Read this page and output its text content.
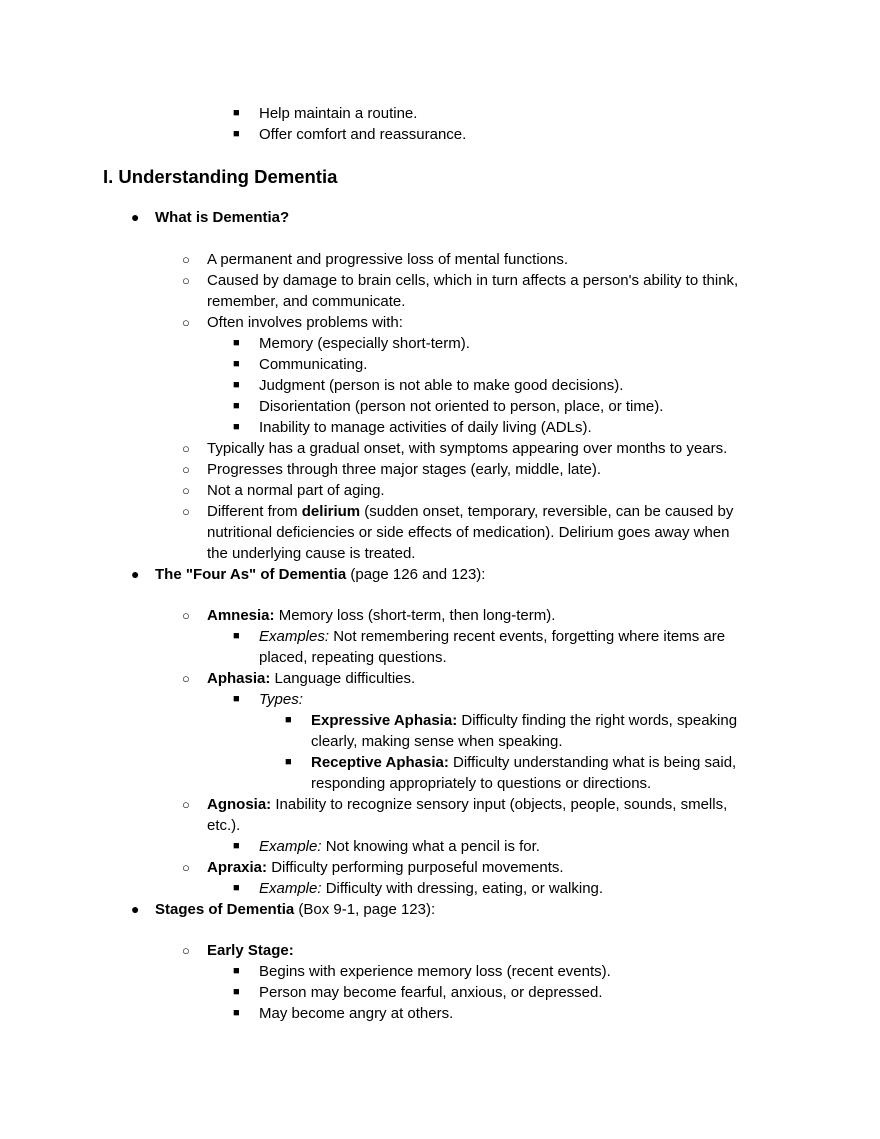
■ Help maintain a routine.
■ Offer comfort and reassurance.
I. Understanding Dementia
● What is Dementia?
○ A permanent and progressive loss of mental functions.
○ Caused by damage to brain cells, which in turn affects a person's ability to think,
remember, and communicate.
○ Often involves problems with:
■ Memory (especially short-term).
■ Communicating.
■ Judgment (person is not able to make good decisions).
■ Disorientation (person not oriented to person, place, or time).
■ Inability to manage activities of daily living (ADLs).
○ Typically has a gradual onset, with symptoms appearing over months to years.
○ Progresses through three major stages (early, middle, late).
○ Not a normal part of aging.
○ Different from delirium (sudden onset, temporary, reversible, can be caused by
nutritional deficiencies or side effects of medication). Delirium goes away when
the underlying cause is treated.
● The "Four As" of Dementia (page 126 and 123):
○ Amnesia: Memory loss (short-term, then long-term).
■ Examples: Not remembering recent events, forgetting where items are
placed, repeating questions.
○ Aphasia: Language difficulties.
■ Types:
■ Expressive Aphasia: Difficulty finding the right words, speaking
clearly, making sense when speaking.
■ Receptive Aphasia: Difficulty understanding what is being said,
responding appropriately to questions or directions.
○ Agnosia: Inability to recognize sensory input (objects, people, sounds, smells,
etc.).
■ Example: Not knowing what a pencil is for.
○ Apraxia: Difficulty performing purposeful movements.
■ Example: Difficulty with dressing, eating, or walking.
● Stages of Dementia (Box 9-1, page 123):
○ Early Stage:
■ Begins with experience memory loss (recent events).
■ Person may become fearful, anxious, or depressed.
■ May become angry at others.
